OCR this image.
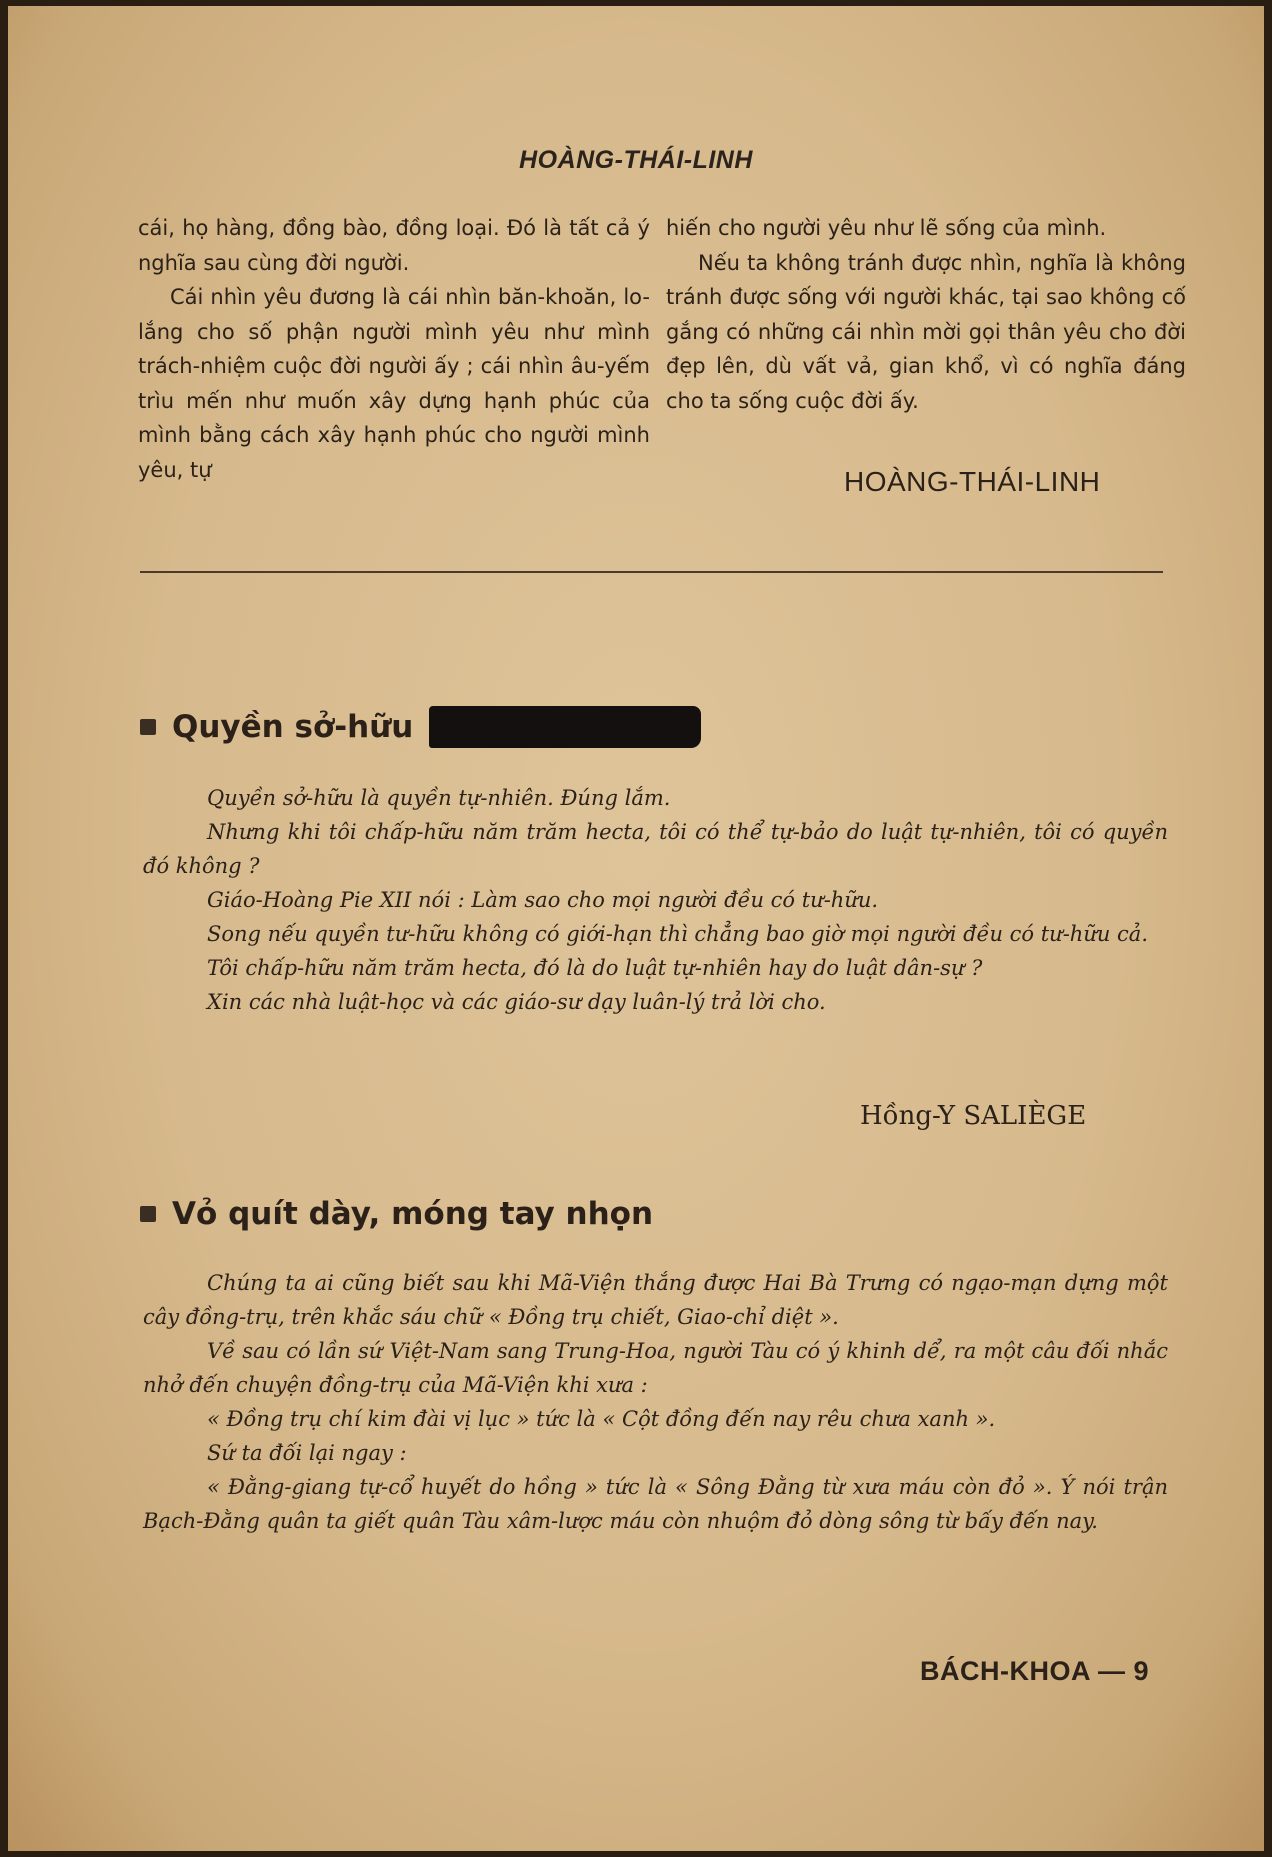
HOÀNG-THÁI-LINH

cái, họ hàng, đồng bào, đồng loại. Đó là tất cả ý nghĩa sau cùng đời người.

Cái nhìn yêu đương là cái nhìn băn-khoăn, lo-lắng cho số phận người mình yêu như mình trách-nhiệm cuộc đời người ấy ; cái nhìn âu-yếm trìu mến như muốn xây dựng hạnh phúc của mình bằng cách xây hạnh phúc cho người mình yêu, tự

hiến cho người yêu như lẽ sống của mình.

Nếu ta không tránh được nhìn, nghĩa là không tránh được sống với người khác, tại sao không cố gắng có những cái nhìn mời gọi thân yêu cho đời đẹp lên, dù vất vả, gian khổ, vì có nghĩa đáng cho ta sống cuộc đời ấy.

HOÀNG-THÁI-LINH
Quyền sở-hữu

Quyền sở-hữu là quyền tự-nhiên. Đúng lắm.

Nhưng khi tôi chấp-hữu năm trăm hecta, tôi có thể tự-bảo do luật tự-nhiên, tôi có quyền đó không ?

Giáo-Hoàng Pie XII nói : Làm sao cho mọi người đều có tư-hữu.

Song nếu quyền tư-hữu không có giới-hạn thì chẳng bao giờ mọi người đều có tư-hữu cả.

Tôi chấp-hữu năm trăm hecta, đó là do luật tự-nhiên hay do luật dân-sự ?

Xin các nhà luật-học và các giáo-sư dạy luân-lý trả lời cho.

Hồng-Y SALIÈGE
Vỏ quít dày, móng tay nhọn

Chúng ta ai cũng biết sau khi Mã-Viện thắng được Hai Bà Trưng có ngạo-mạn dựng một cây đồng-trụ, trên khắc sáu chữ « Đồng trụ chiết, Giao-chỉ diệt ».

Về sau có lần sứ Việt-Nam sang Trung-Hoa, người Tàu có ý khinh dể, ra một câu đối nhắc nhở đến chuyện đồng-trụ của Mã-Viện khi xưa :

« Đồng trụ chí kim đài vị lục » tức là « Cột đồng đến nay rêu chưa xanh ».

Sứ ta đối lại ngay :

« Đằng-giang tự-cổ huyết do hồng » tức là « Sông Đằng từ xưa máu còn đỏ ». Ý nói trận Bạch-Đằng quân ta giết quân Tàu xâm-lược máu còn nhuộm đỏ dòng sông từ bấy đến nay.

BÁCH-KHOA — 9
